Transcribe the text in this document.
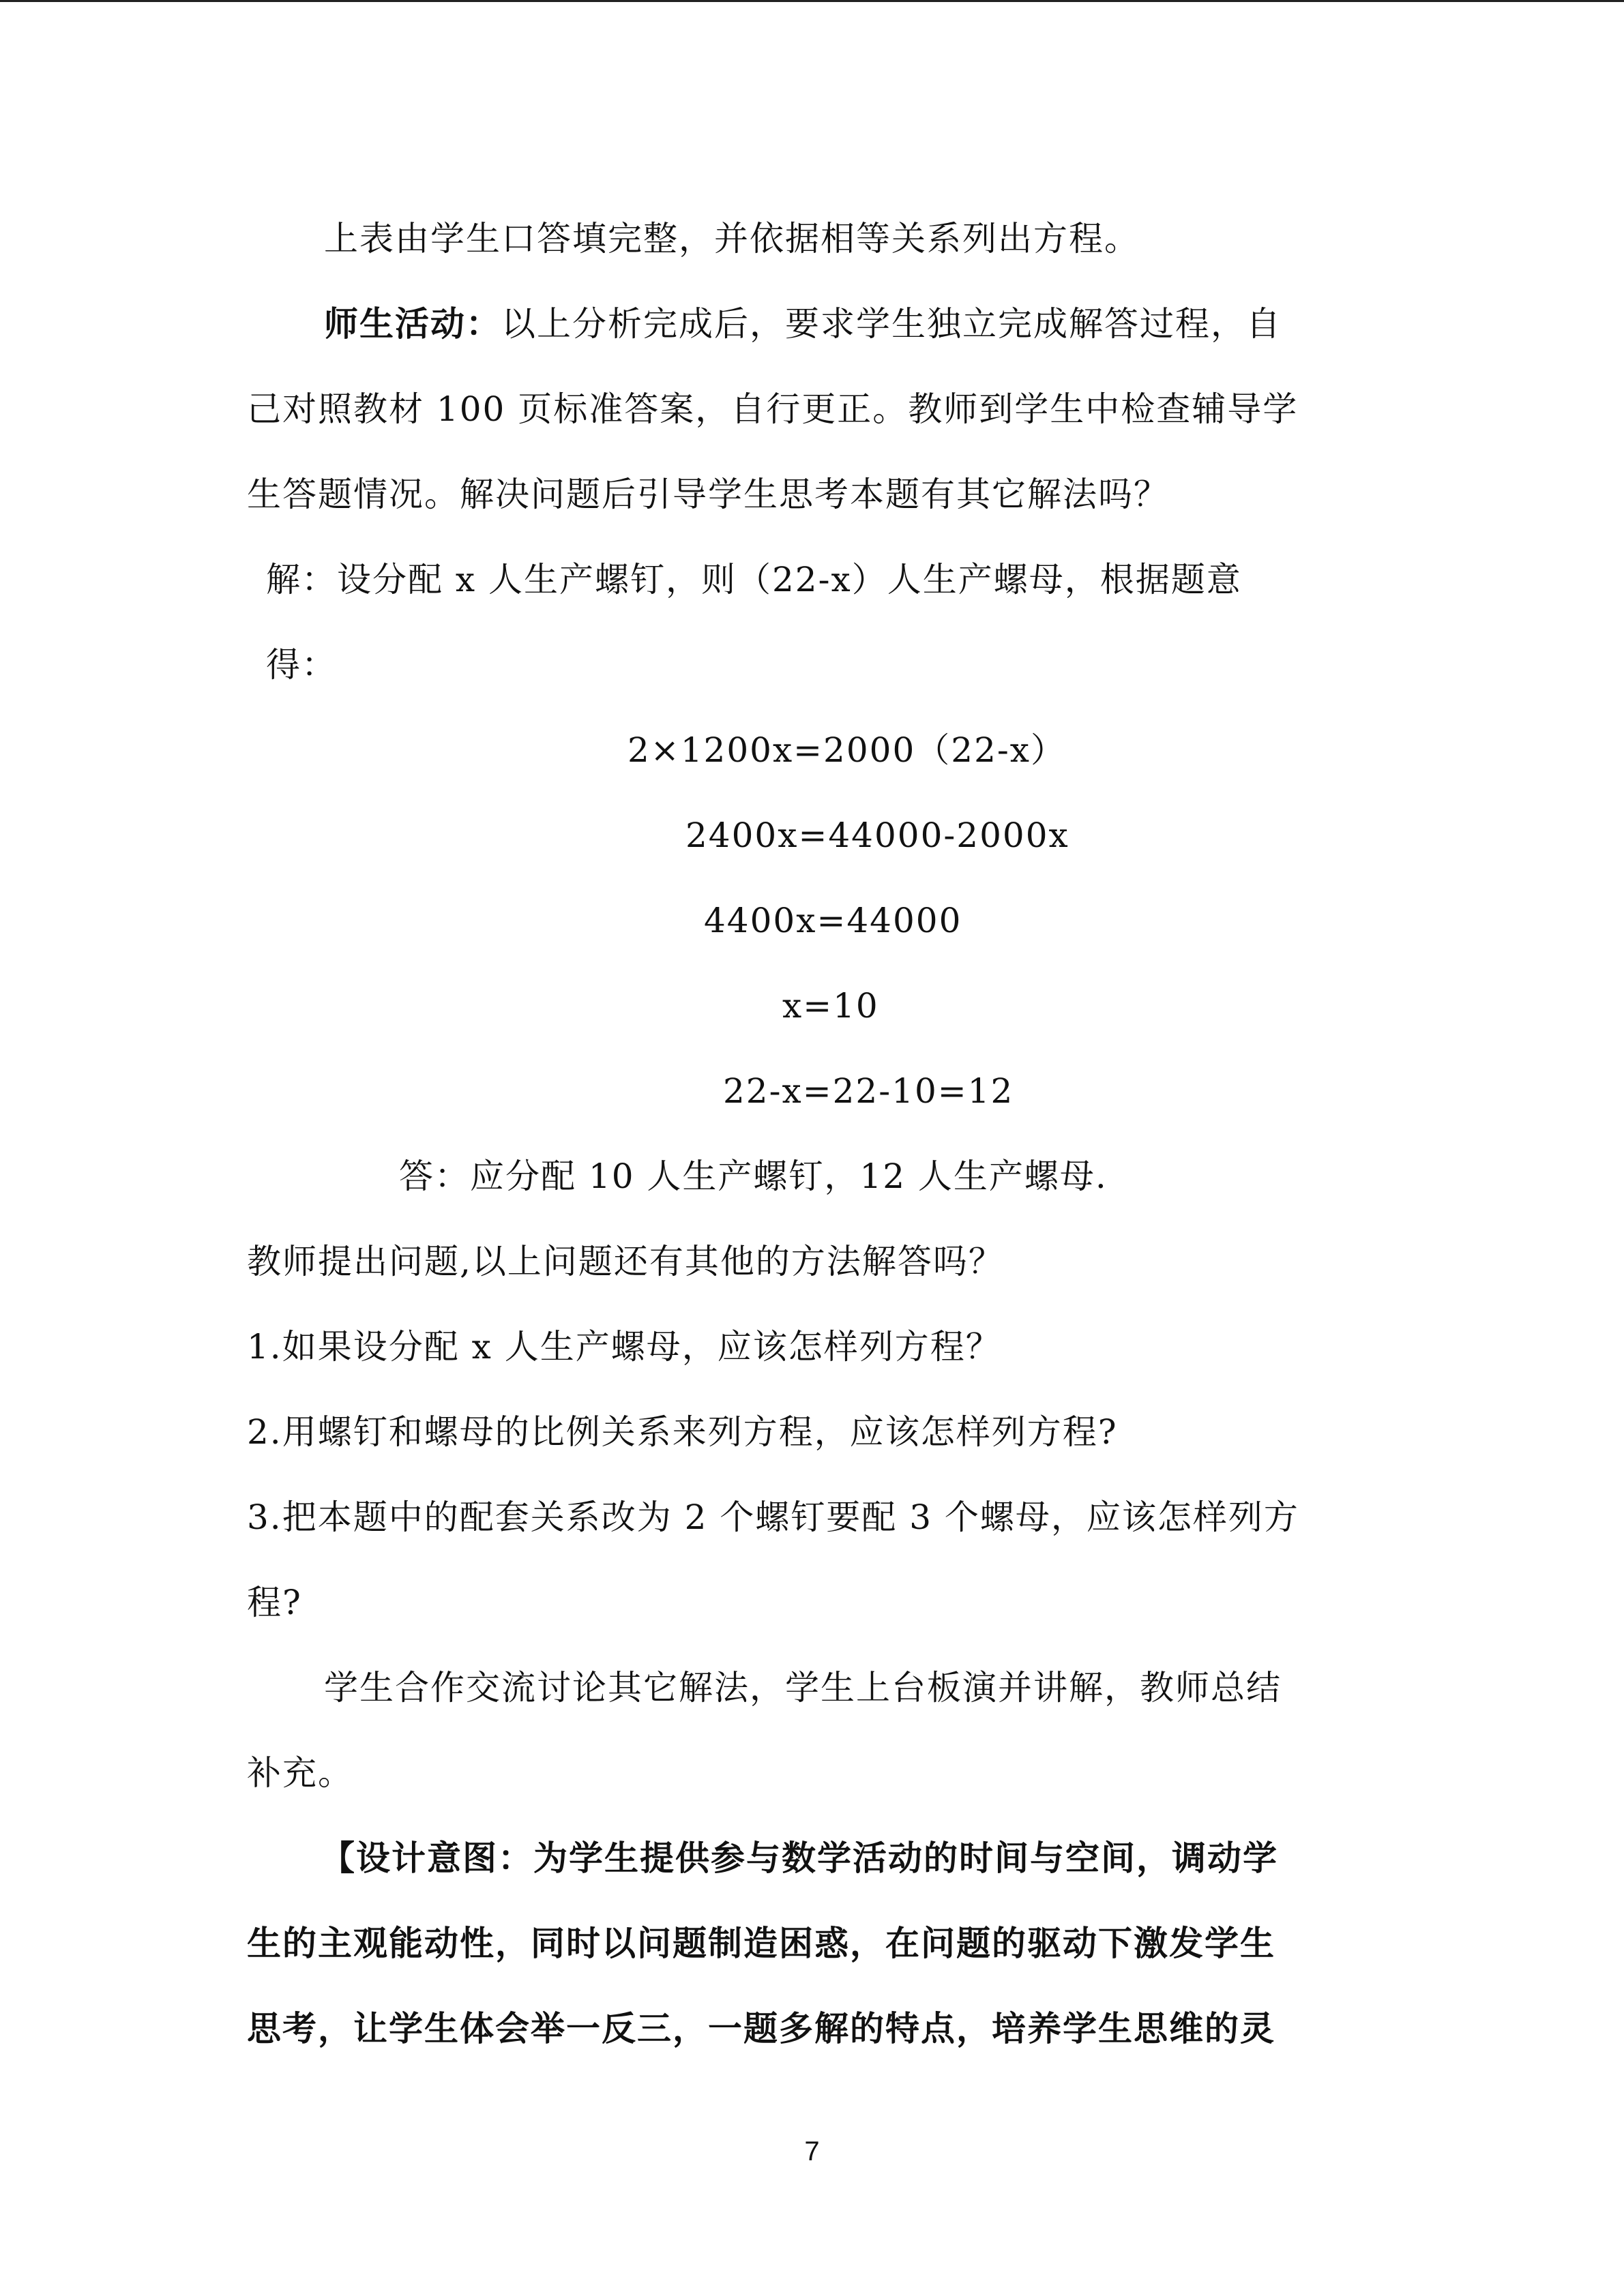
上表由学生口答填完整，并依据相等关系列出方程。
师生活动：以上分析完成后，要求学生独立完成解答过程，自
己对照教材 100 页标准答案，自行更正。教师到学生中检查辅导学
生答题情况。解决问题后引导学生思考本题有其它解法吗？
解：设分配 x 人生产螺钉，则（22-x）人生产螺母，根据题意
得：
2×1200x=2000（22-x）
2400x=44000-2000x
4400x=44000
x=10
22-x=22-10=12
答：应分配 10 人生产螺钉，12 人生产螺母.
教师提出问题,以上问题还有其他的方法解答吗？
1.如果设分配 x 人生产螺母，应该怎样列方程？
2.用螺钉和螺母的比例关系来列方程，应该怎样列方程?
3.把本题中的配套关系改为 2 个螺钉要配 3 个螺母，应该怎样列方
程?
学生合作交流讨论其它解法，学生上台板演并讲解，教师总结
补充。
【设计意图：为学生提供参与数学活动的时间与空间，调动学
生的主观能动性，同时以问题制造困惑，在问题的驱动下激发学生
思考，让学生体会举一反三，一题多解的特点，培养学生思维的灵
7
